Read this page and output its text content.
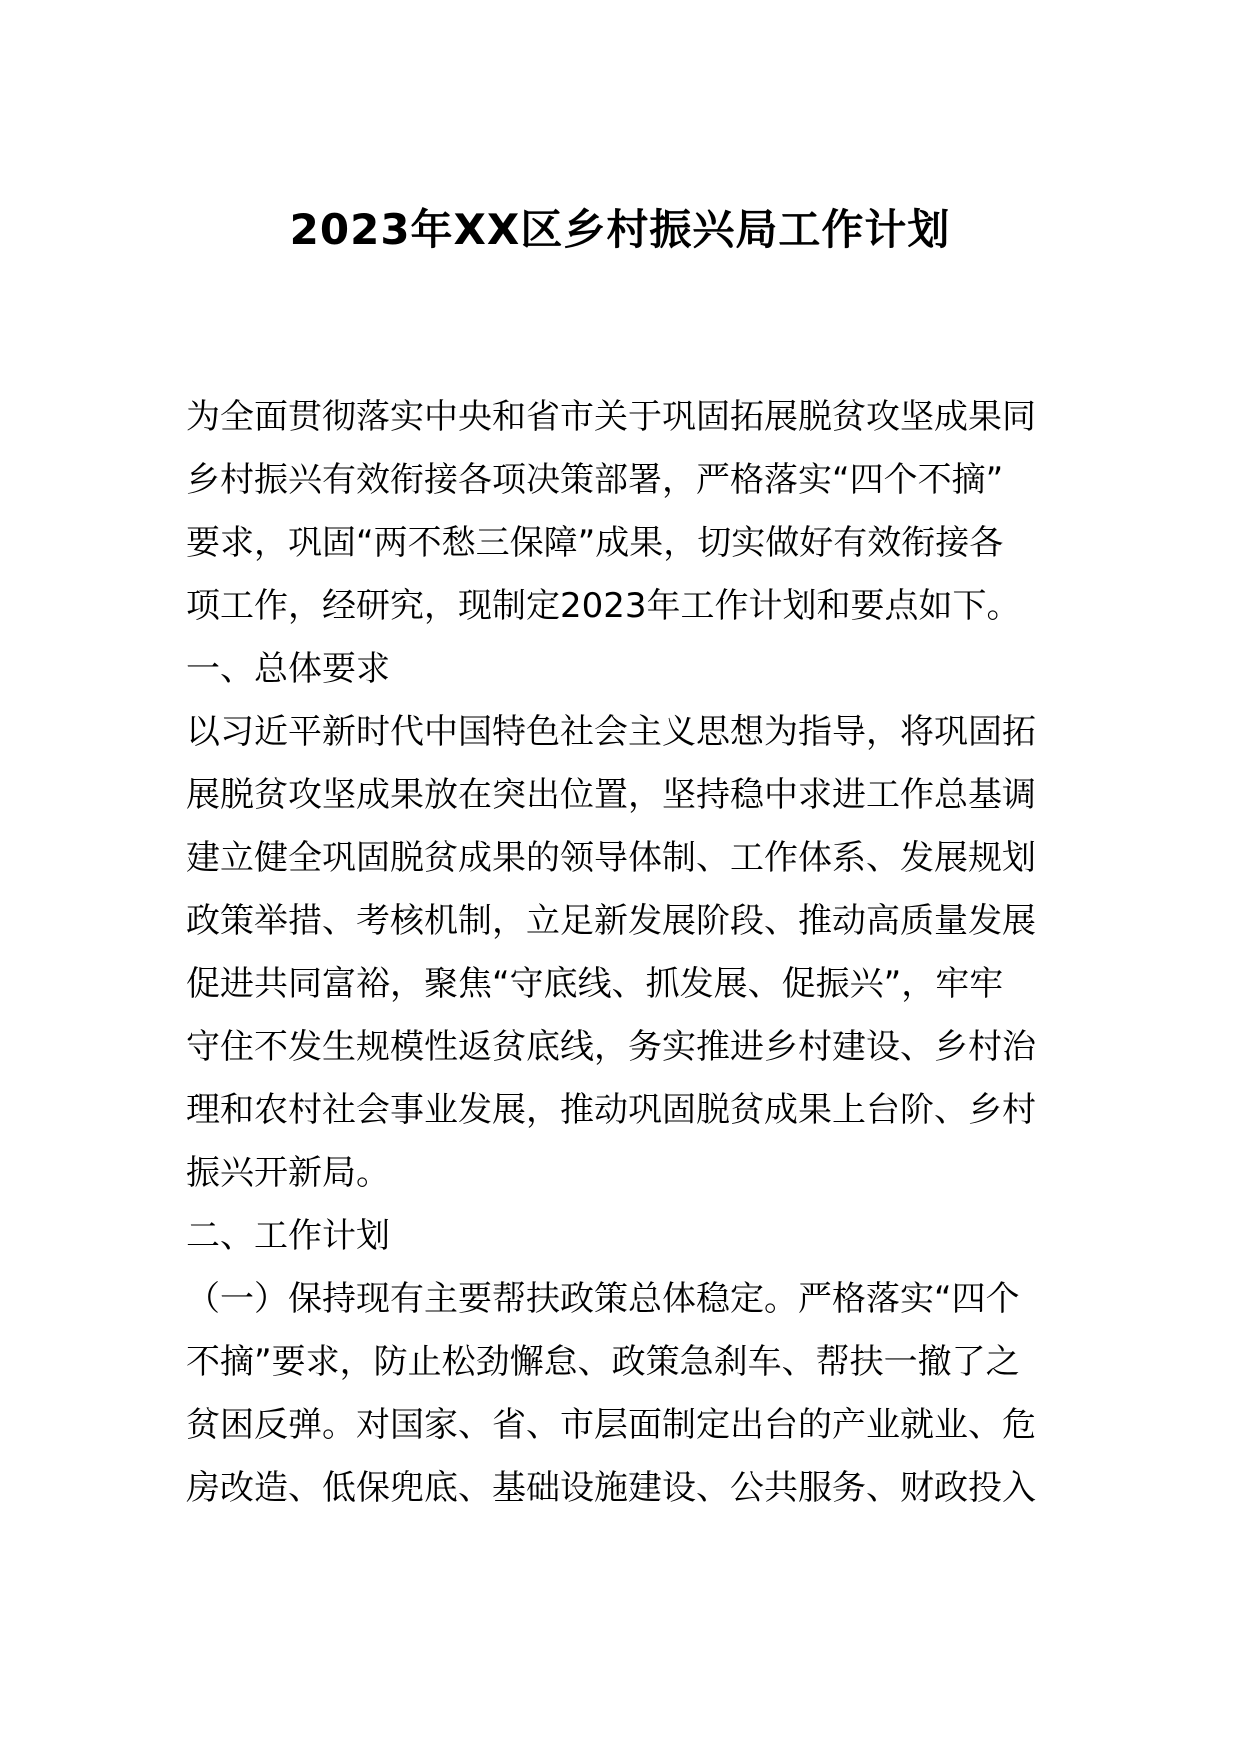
2023年XX区乡村振兴局工作计划
为全面贯彻落实中央和省市关于巩固拓展脱贫攻坚成果同
乡村振兴有效衔接各项决策部署，严格落实“四个不摘”
要求，巩固“两不愁三保障”成果，切实做好有效衔接各
项工作，经研究，现制定2023年工作计划和要点如下。
一、总体要求
以习近平新时代中国特色社会主义思想为指导，将巩固拓
展脱贫攻坚成果放在突出位置，坚持稳中求进工作总基调
建立健全巩固脱贫成果的领导体制、工作体系、发展规划
政策举措、考核机制，立足新发展阶段、推动高质量发展
促进共同富裕，聚焦“守底线、抓发展、促振兴”，牢牢
守住不发生规模性返贫底线，务实推进乡村建设、乡村治
理和农村社会事业发展，推动巩固脱贫成果上台阶、乡村
振兴开新局。
二、工作计划
（一）保持现有主要帮扶政策总体稳定。严格落实“四个
不摘”要求，防止松劲懈怠、政策急刹车、帮扶一撤了之
贫困反弹。对国家、省、市层面制定出台的产业就业、危
房改造、低保兜底、基础设施建设、公共服务、财政投入
